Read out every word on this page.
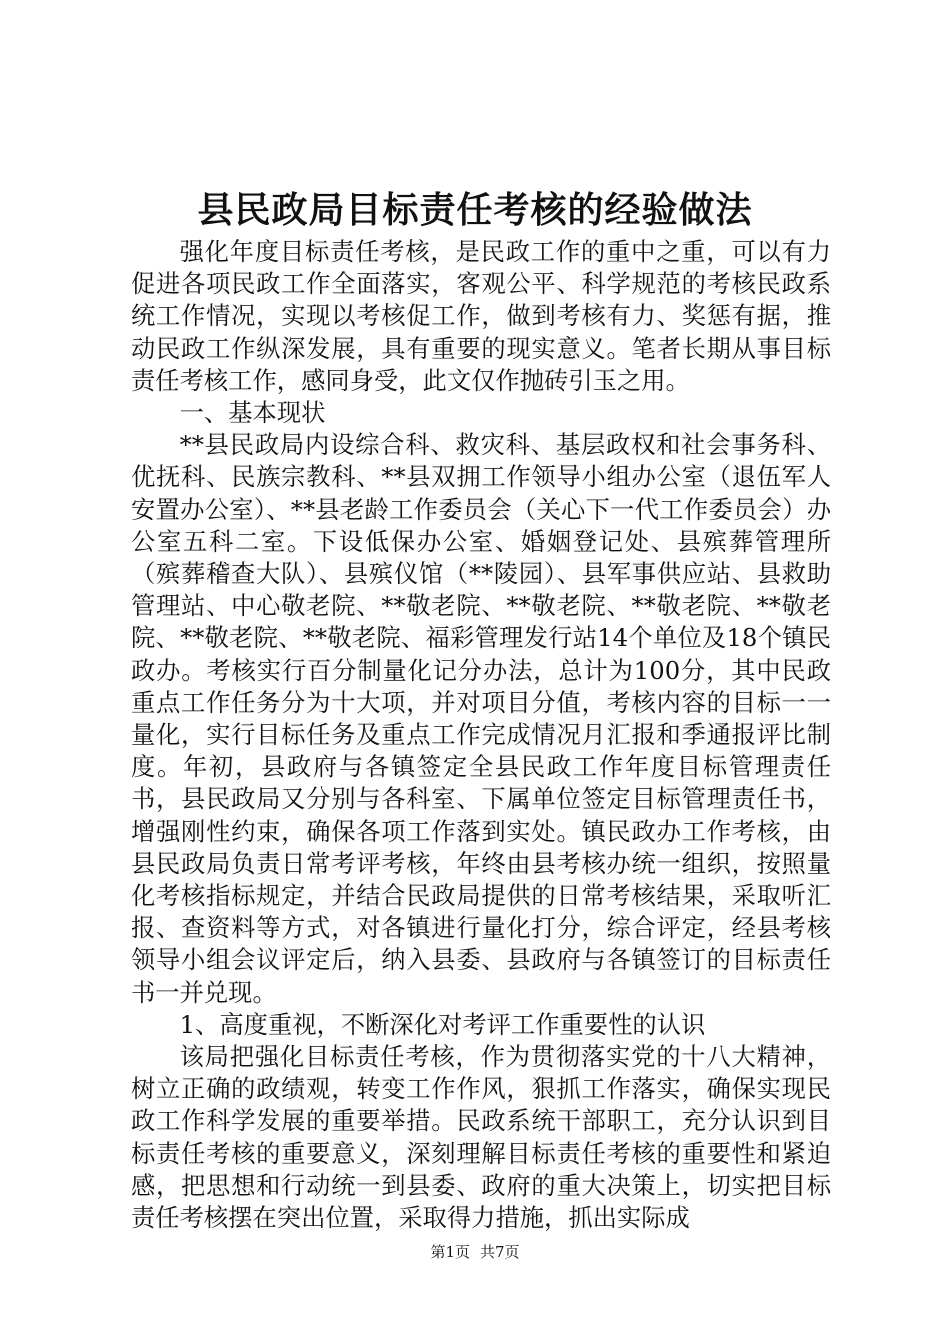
县民政局目标责任考核的经验做法

强化年度目标责任考核，是民政工作的重中之重，可以有力促进各项民政工作全面落实，客观公平、科学规范的考核民政系统工作情况，实现以考核促工作，做到考核有力、奖惩有据，推动民政工作纵深发展，具有重要的现实意义。笔者长期从事目标责任考核工作，感同身受，此文仅作抛砖引玉之用。

一、基本现状

**县民政局内设综合科、救灾科、基层政权和社会事务科、优抚科、民族宗教科、**县双拥工作领导小组办公室（退伍军人安置办公室）、**县老龄工作委员会（关心下一代工作委员会）办公室五科二室。下设低保办公室、婚姻登记处、县殡葬管理所（殡葬稽查大队）、县殡仪馆（**陵园）、县军事供应站、县救助管理站、中心敬老院、**敬老院、**敬老院、**敬老院、**敬老院、**敬老院、**敬老院、福彩管理发行站14个单位及18个镇民政办。考核实行百分制量化记分办法，总计为100分，其中民政重点工作任务分为十大项，并对项目分值，考核内容的目标一一量化，实行目标任务及重点工作完成情况月汇报和季通报评比制度。年初，县政府与各镇签定全县民政工作年度目标管理责任书，县民政局又分别与各科室、下属单位签定目标管理责任书，增强刚性约束，确保各项工作落到实处。镇民政办工作考核，由县民政局负责日常考评考核，年终由县考核办统一组织，按照量化考核指标规定，并结合民政局提供的日常考核结果，采取听汇报、查资料等方式，对各镇进行量化打分，综合评定，经县考核领导小组会议评定后，纳入县委、县政府与各镇签订的目标责任书一并兑现。

1、高度重视，不断深化对考评工作重要性的认识

该局把强化目标责任考核，作为贯彻落实党的十八大精神，树立正确的政绩观，转变工作作风，狠抓工作落实，确保实现民政工作科学发展的重要举措。民政系统干部职工，充分认识到目标责任考核的重要意义，深刻理解目标责任考核的重要性和紧迫感，把思想和行动统一到县委、政府的重大决策上，切实把目标责任考核摆在突出位置，采取得力措施，抓出实际成

第1页 共7页
